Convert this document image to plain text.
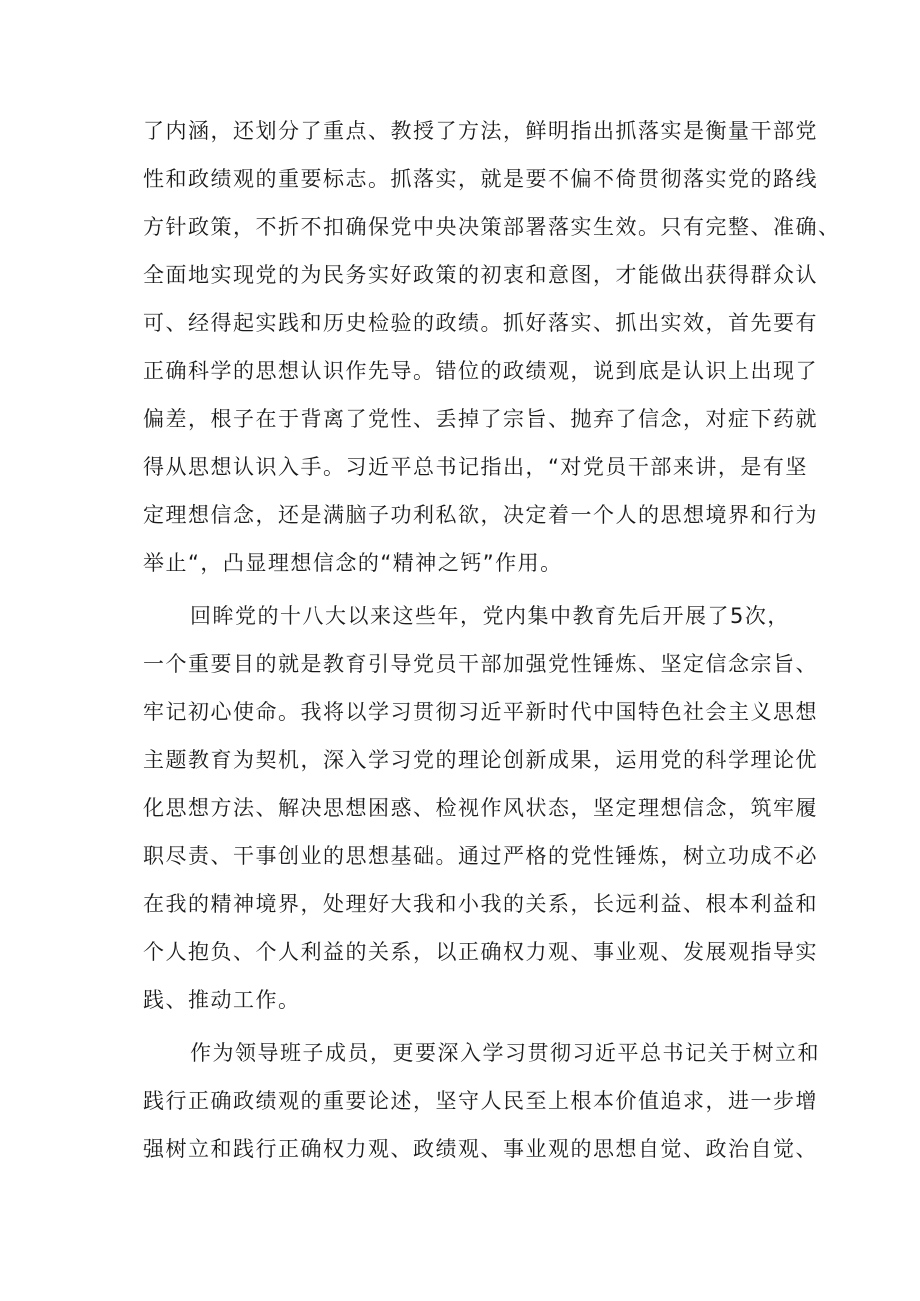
了内涵，还划分了重点、教授了方法，鲜明指出抓落实是衡量干部党
性和政绩观的重要标志。抓落实，就是要不偏不倚贯彻落实党的路线
方针政策，不折不扣确保党中央决策部署落实生效。只有完整、准确、
全面地实现党的为民务实好政策的初衷和意图，才能做出获得群众认
可、经得起实践和历史检验的政绩。抓好落实、抓出实效，首先要有
正确科学的思想认识作先导。错位的政绩观，说到底是认识上出现了
偏差，根子在于背离了党性、丢掉了宗旨、抛弃了信念，对症下药就
得从思想认识入手。习近平总书记指出，“对党员干部来讲，是有坚
定理想信念，还是满脑子功利私欲，决定着一个人的思想境界和行为
举止“，凸显理想信念的“精神之钙”作用。
回眸党的十八大以来这些年，党内集中教育先后开展了5次，
一个重要目的就是教育引导党员干部加强党性锤炼、坚定信念宗旨、
牢记初心使命。我将以学习贯彻习近平新时代中国特色社会主义思想
主题教育为契机，深入学习党的理论创新成果，运用党的科学理论优
化思想方法、解决思想困惑、检视作风状态，坚定理想信念，筑牢履
职尽责、干事创业的思想基础。通过严格的党性锤炼，树立功成不必
在我的精神境界，处理好大我和小我的关系，长远利益、根本利益和
个人抱负、个人利益的关系，以正确权力观、事业观、发展观指导实
践、推动工作。
作为领导班子成员，更要深入学习贯彻习近平总书记关于树立和
践行正确政绩观的重要论述，坚守人民至上根本价值追求，进一步增
强树立和践行正确权力观、政绩观、事业观的思想自觉、政治自觉、
